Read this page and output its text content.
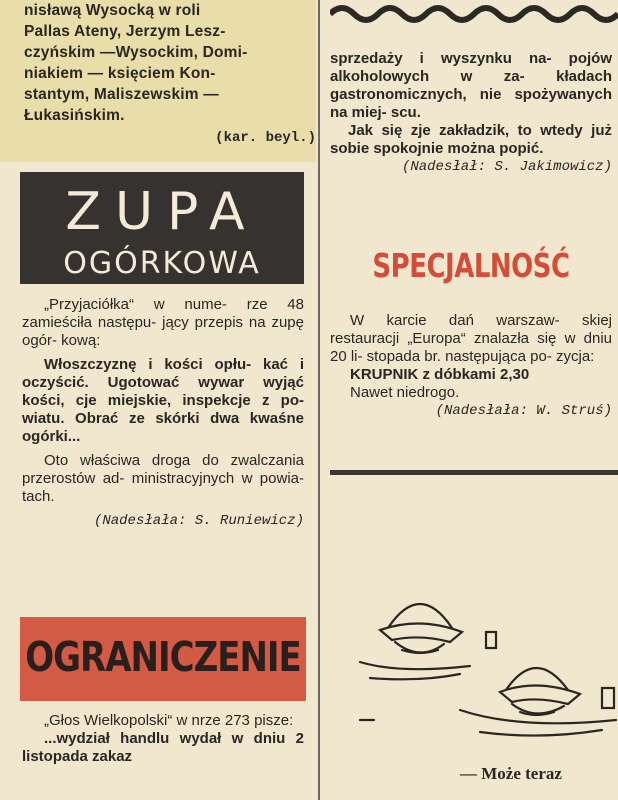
nisławą Wysocką w roli
Pallas Ateny, Jerzym Lesz-
czyńskim —Wysockim, Domi-
niakiem — księciem Kon-
stantym, Maliszewskim —
Łukasińskim.
(kar. beyl.)
ZUPA
OGÓRKOWA

„Przyjaciółka“ w nume- rze 48 zamieściła następu- jący przepis na zupę ogór- kową:

Włoszczyznę i kości opłu- kać i oczyścić. Ugotować wywar wyjąć kości, cje miejskie, inspekcje z po- wiatu. Obrać ze skórki dwa kwaśne ogórki...

Oto właściwa droga do zwalczania przerostów ad- ministracyjnych w powia- tach.

(Nadesłała: S. Runiewicz)
OGRANICZENIE

„Głos Wielkopolski“ w nrze 273 pisze:

...wydział handlu wydał w dniu 2 listopada zakaz

sprzedaży i wyszynku na- pojów alkoholowych w za- kładach gastronomicznych, nie spożywanych na miej- scu.

Jak się zje zakładzik, to wtedy już sobie spokojnie można popić.

(Nadesłał: S. Jakimowicz)
SPECJALNOŚĆ

W karcie dań warszaw- skiej restauracji „Europa“ znalazła się w dniu 20 li- stopada br. następująca po- zycja:

KRUPNIK z dóbkami 2,30

Nawet niedrogo.

(Nadesłała: W. Struś)
— Może teraz
